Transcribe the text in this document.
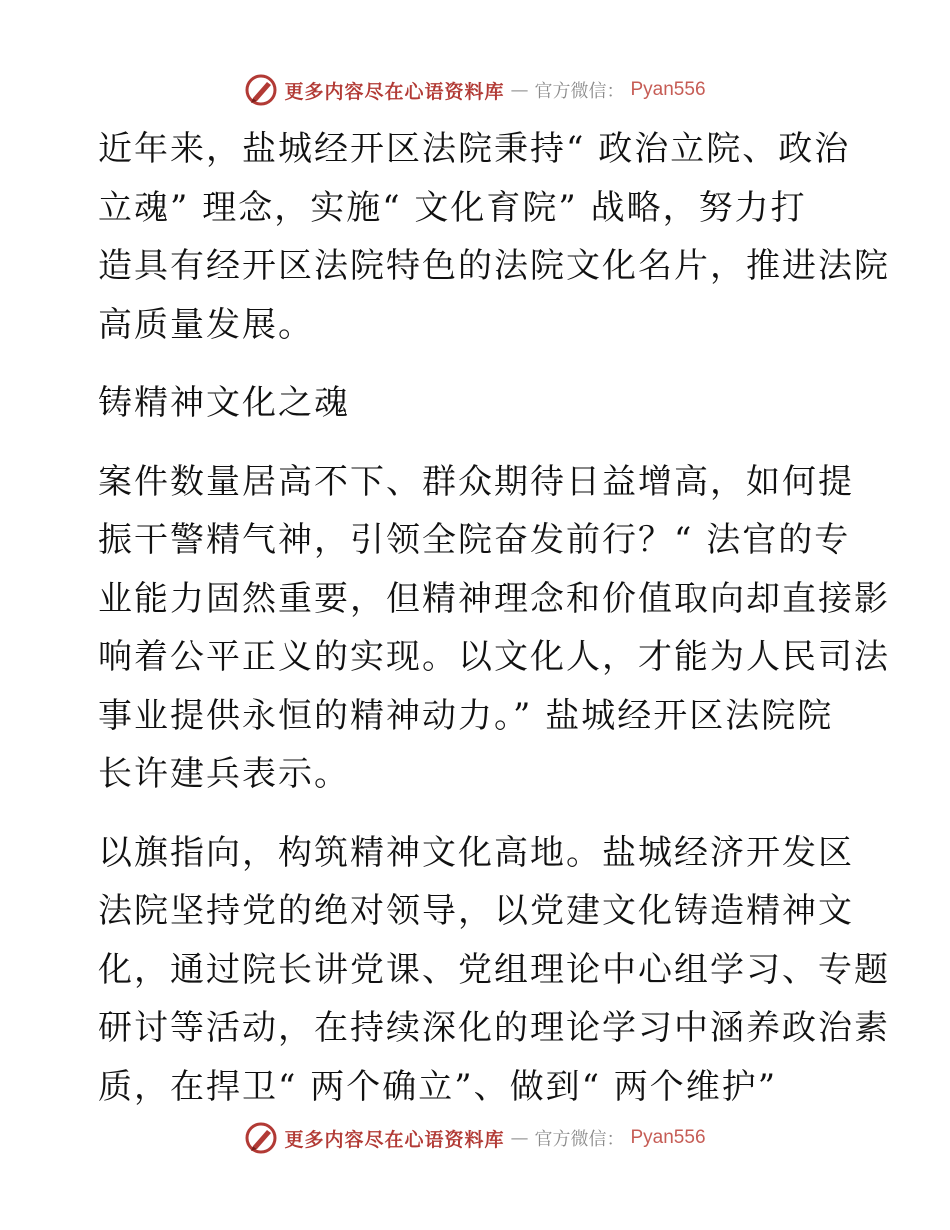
更多内容尽在心语资料库 — 官方微信： Pyan556

近年来，盐城经开区法院秉持“ 政治立院、政治
立魂” 理念，实施“ 文化育院” 战略，努力打
造具有经开区法院特色的法院文化名片，推进法院
高质量发展。

铸精神文化之魂

案件数量居高不下、群众期待日益增高，如何提
振干警精气神，引领全院奋发前行？“ 法官的专
业能力固然重要，但精神理念和价值取向却直接影
响着公平正义的实现。以文化人，才能为人民司法
事业提供永恒的精神动力。” 盐城经开区法院院
长许建兵表示。

以旗指向，构筑精神文化高地。盐城经济开发区
法院坚持党的绝对领导，以党建文化铸造精神文
化，通过院长讲党课、党组理论中心组学习、专题
研讨等活动，在持续深化的理论学习中涵养政治素
质，在捍卫“ 两个确立”、做到“ 两个维护”

更多内容尽在心语资料库 — 官方微信： Pyan556
